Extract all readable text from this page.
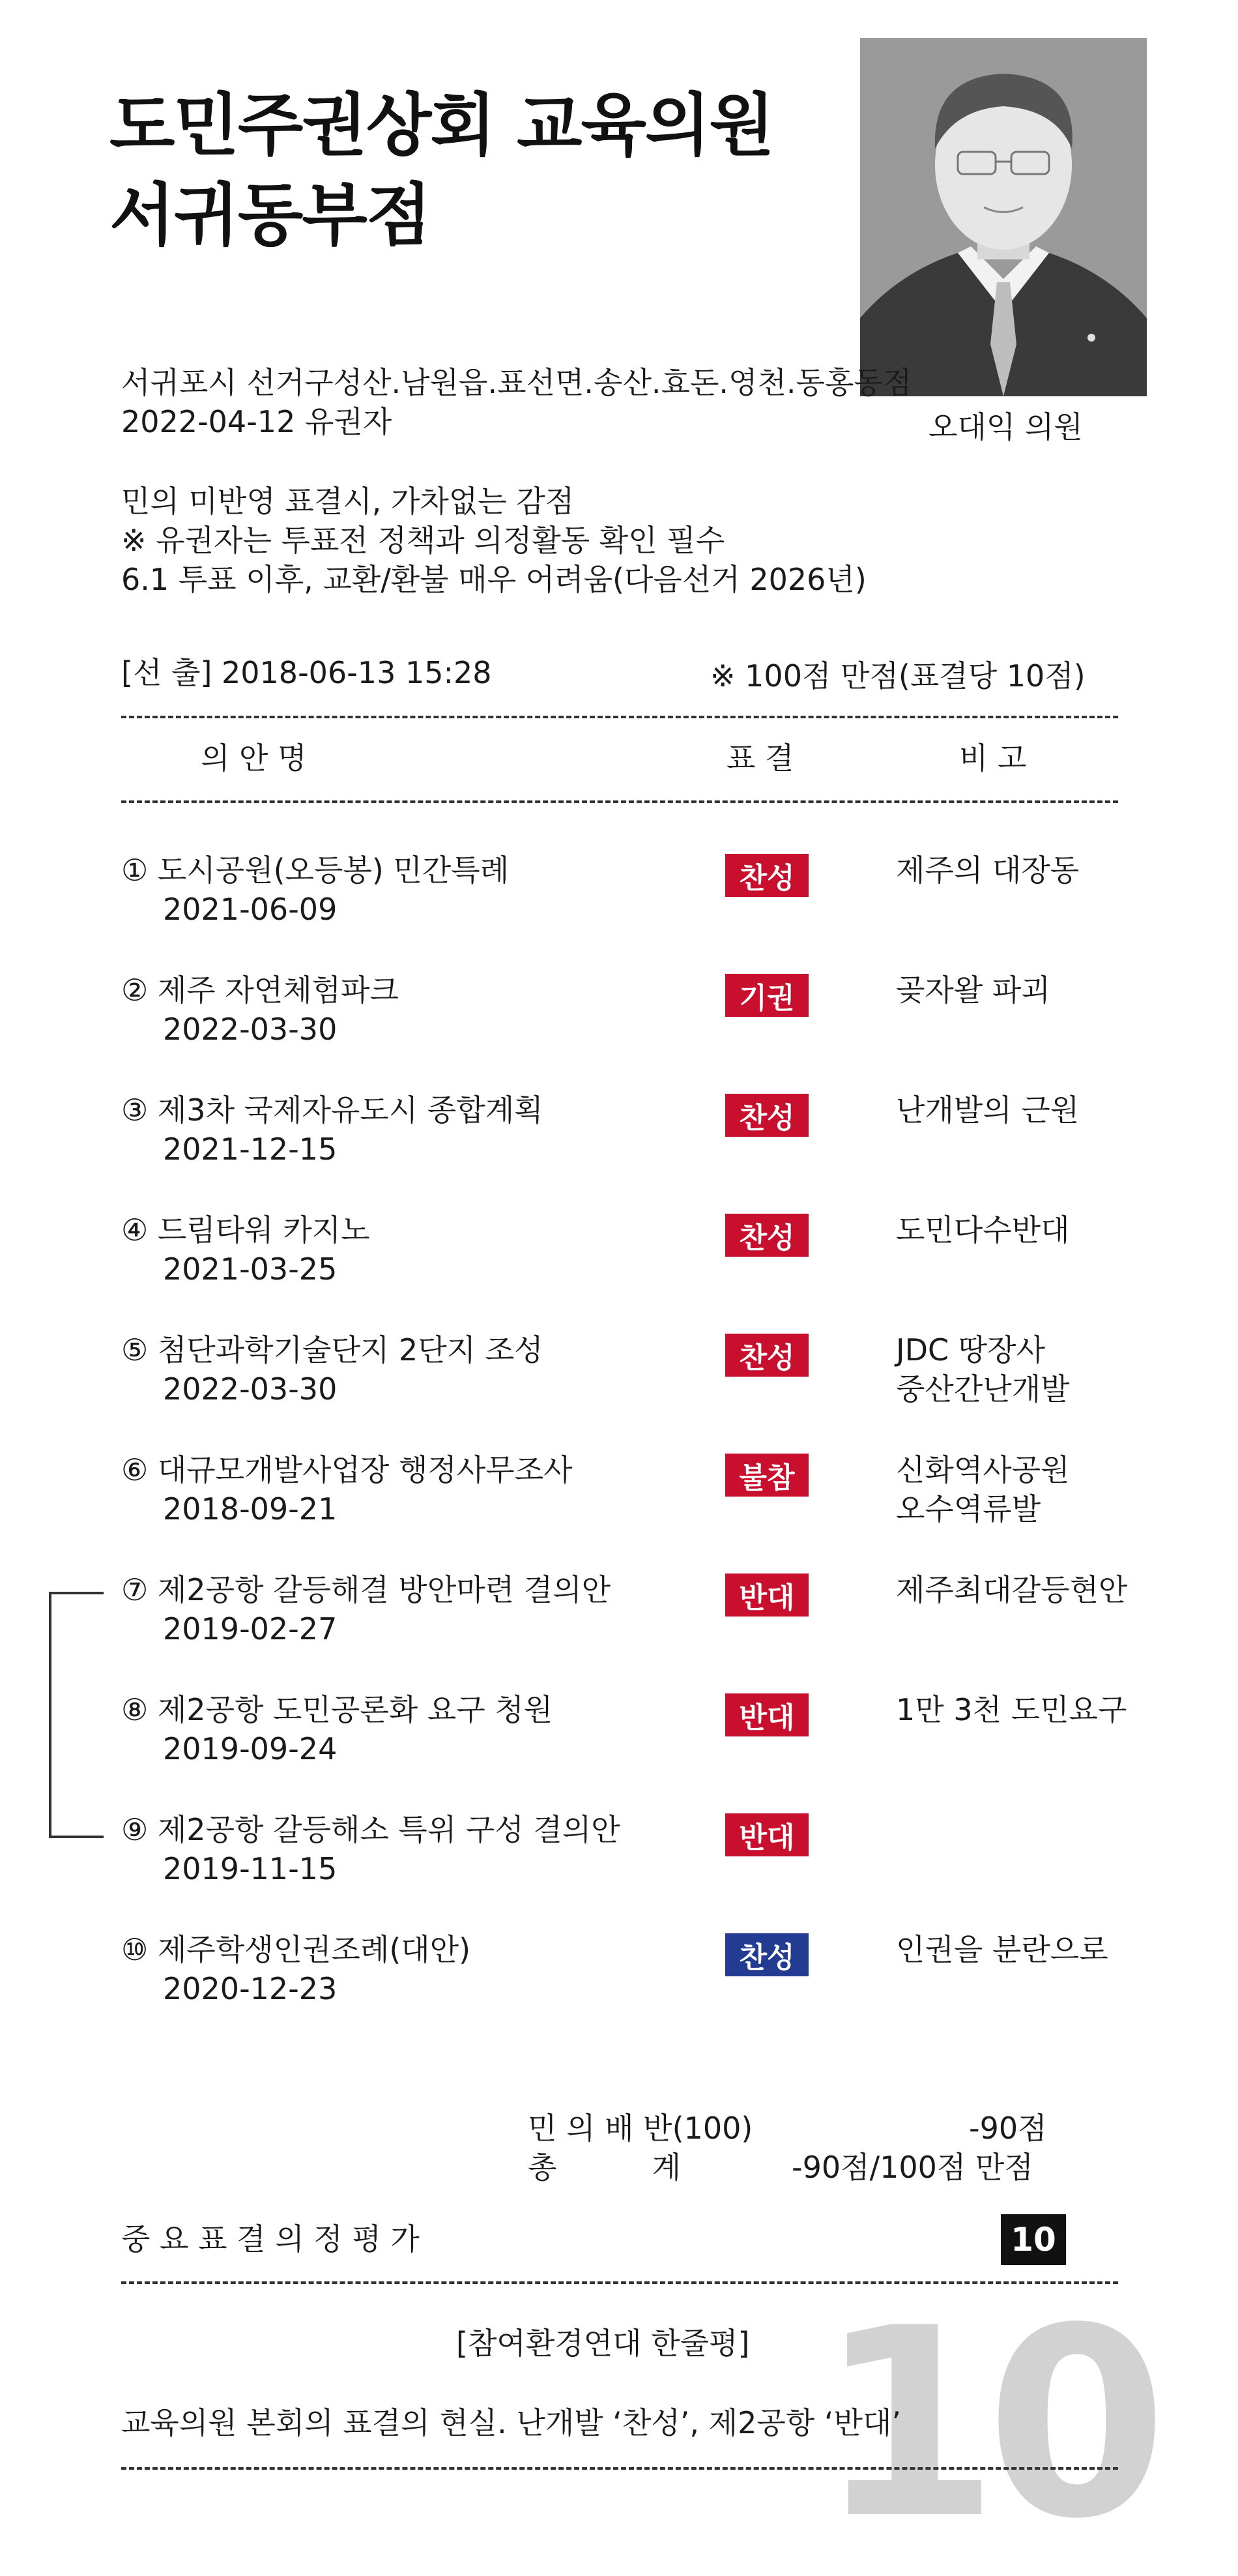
도민주권상회 교육의원
서귀동부점
오대익 의원
서귀포시 선거구성산.남원읍.표선면.송산.효돈.영천.동홍동점
2022-04-12 유권자
민의 미반영 표결시, 가차없는 감점
※ 유권자는 투표전 정책과 의정활동 확인 필수
6.1 투표 이후, 교환/환불 매우 어려움(다음선거 2026년)
[선 출] 2018-06-13 15:28	※ 100점 만점(표결당 10점)
의 안 명	표 결	비 고
① 도시공원(오등봉) 민간특례
2021-06-09
찬성	제주의 대장동
② 제주 자연체험파크
2022-03-30
기권	곶자왈 파괴
③ 제3차 국제자유도시 종합계획
2021-12-15
찬성	난개발의 근원
④ 드림타워 카지노
2021-03-25
찬성	도민다수반대
⑤ 첨단과학기술단지 2단지 조성
2022-03-30
찬성	JDC 땅장사
중산간난개발
⑥ 대규모개발사업장 행정사무조사
2018-09-21
불참	신화역사공원
오수역류발
⑦ 제2공항 갈등해결 방안마련 결의안
2019-02-27
반대	제주최대갈등현안
⑧ 제2공항 도민공론화 요구 청원
2019-09-24
반대	1만 3천 도민요구
⑨ 제2공항 갈등해소 특위 구성 결의안
2019-11-15
반대
⑩ 제주학생인권조례(대안)
2020-12-23
찬성	인권을 분란으로
민 의 배 반(100)	-90점
총          계	-90점/100점 만점
중 요 표 결 의 정 평 가	10
10
[참여환경연대 한줄평]
교육의원 본회의 표결의 현실. 난개발 ‘찬성’, 제2공항 ‘반대’
